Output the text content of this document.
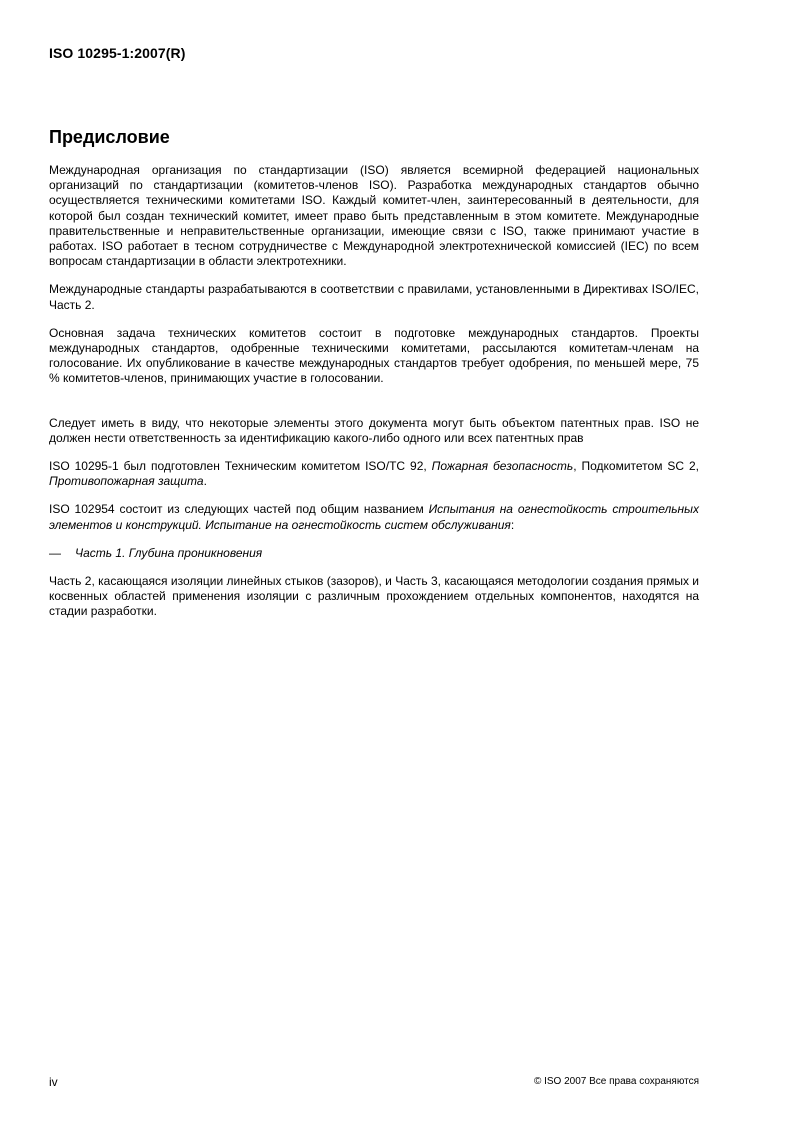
ISO 10295-1:2007(R)
Предисловие

Международная организация по стандартизации (ISO) является всемирной федерацией национальных организаций по стандартизации (комитетов-членов ISO). Разработка международных стандартов обычно осуществляется техническими комитетами ISO. Каждый комитет-член, заинтересованный в деятельности, для которой был создан технический комитет, имеет право быть представленным в этом комитете. Международные правительственные и неправительственные организации, имеющие связи с ISO, также принимают участие в работах. ISO работает в тесном сотрудничестве с Международной электротехнической комиссией (IEC) по всем вопросам стандартизации в области электротехники.

Международные стандарты разрабатываются в соответствии с правилами, установленными в Директивах ISO/IEC, Часть 2.

Основная задача технических комитетов состоит в подготовке международных стандартов. Проекты международных стандартов, одобренные техническими комитетами, рассылаются комитетам-членам на голосование. Их опубликование в качестве международных стандартов требует одобрения, по меньшей мере, 75 % комитетов-членов, принимающих участие в голосовании.

Следует иметь в виду, что некоторые элементы этого документа могут быть объектом патентных прав. ISO не должен нести ответственность за идентификацию какого-либо одного или всех патентных прав

ISO 10295-1 был подготовлен Техническим комитетом ISO/TC 92, Пожарная безопасность, Подкомитетом SC 2, Противопожарная защита.

ISO 102954 состоит из следующих частей под общим названием Испытания на огнестойкость строительных элементов и конструкций. Испытание на огнестойкость систем обслуживания:

—	Часть 1. Глубина проникновения

Часть 2, касающаяся изоляции линейных стыков (зазоров), и Часть 3, касающаяся методологии создания прямых и косвенных областей применения изоляции с различным прохождением отдельных компонентов, находятся на стадии разработки.

iv	© ISO 2007 Все права сохраняются
